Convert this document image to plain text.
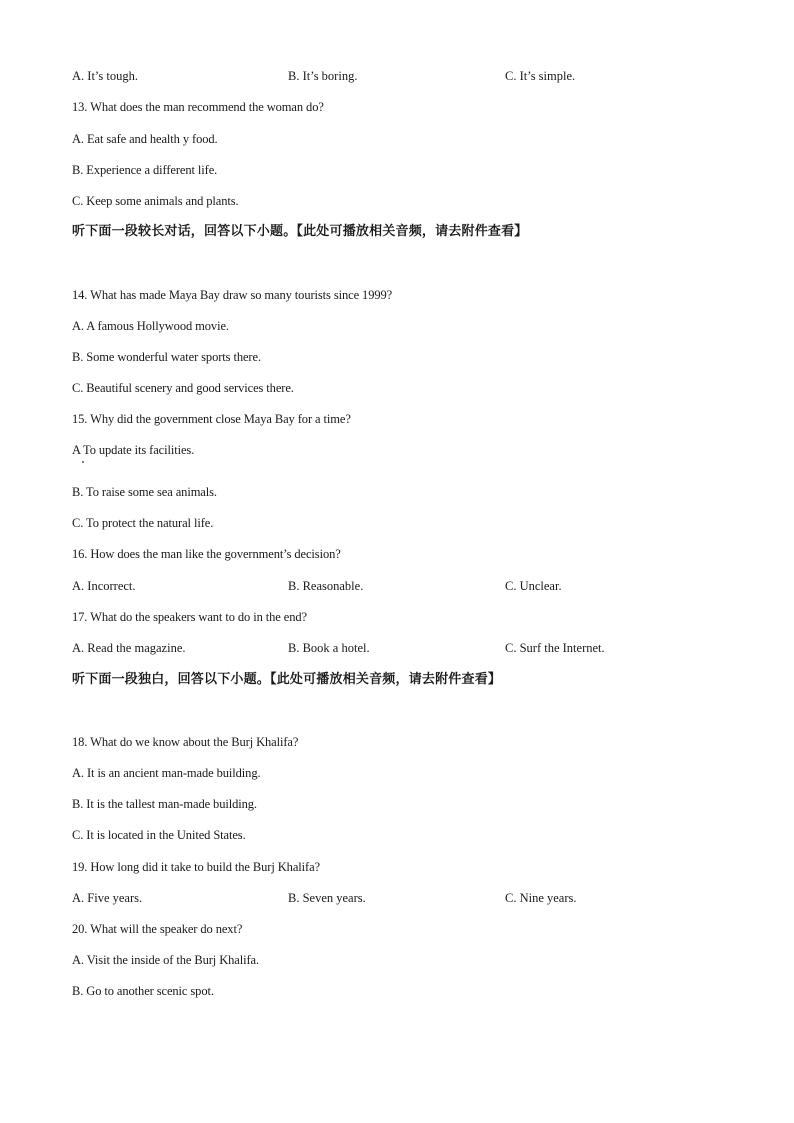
A. It’s tough.	B. It’s boring.	C. It’s simple.
13. What does the man recommend the woman do?
A. Eat safe and health y food.
B. Experience a different life.
C. Keep some animals and plants.
听下面一段较长对话，回答以下小题。【此处可播放相关音频，请去附件查看】
14. What has made Maya Bay draw so many tourists since 1999?
A. A famous Hollywood movie.
B. Some wonderful water sports there.
C. Beautiful scenery and good services there.
15. Why did the government close Maya Bay for a time?
A To update its facilities.
B. To raise some sea animals.
C. To protect the natural life.
16. How does the man like the government’s decision?
A. Incorrect.	B. Reasonable.	C. Unclear.
17. What do the speakers want to do in the end?
A. Read the magazine.	B. Book a hotel.	C. Surf the Internet.
听下面一段独白，回答以下小题。【此处可播放相关音频，请去附件查看】
18. What do we know about the Burj Khalifa?
A. It is an ancient man-made building.
B. It is the tallest man-made building.
C. It is located in the United States.
19. How long did it take to build the Burj Khalifa?
A. Five years.	B. Seven years.	C. Nine years.
20. What will the speaker do next?
A. Visit the inside of the Burj Khalifa.
B. Go to another scenic spot.
